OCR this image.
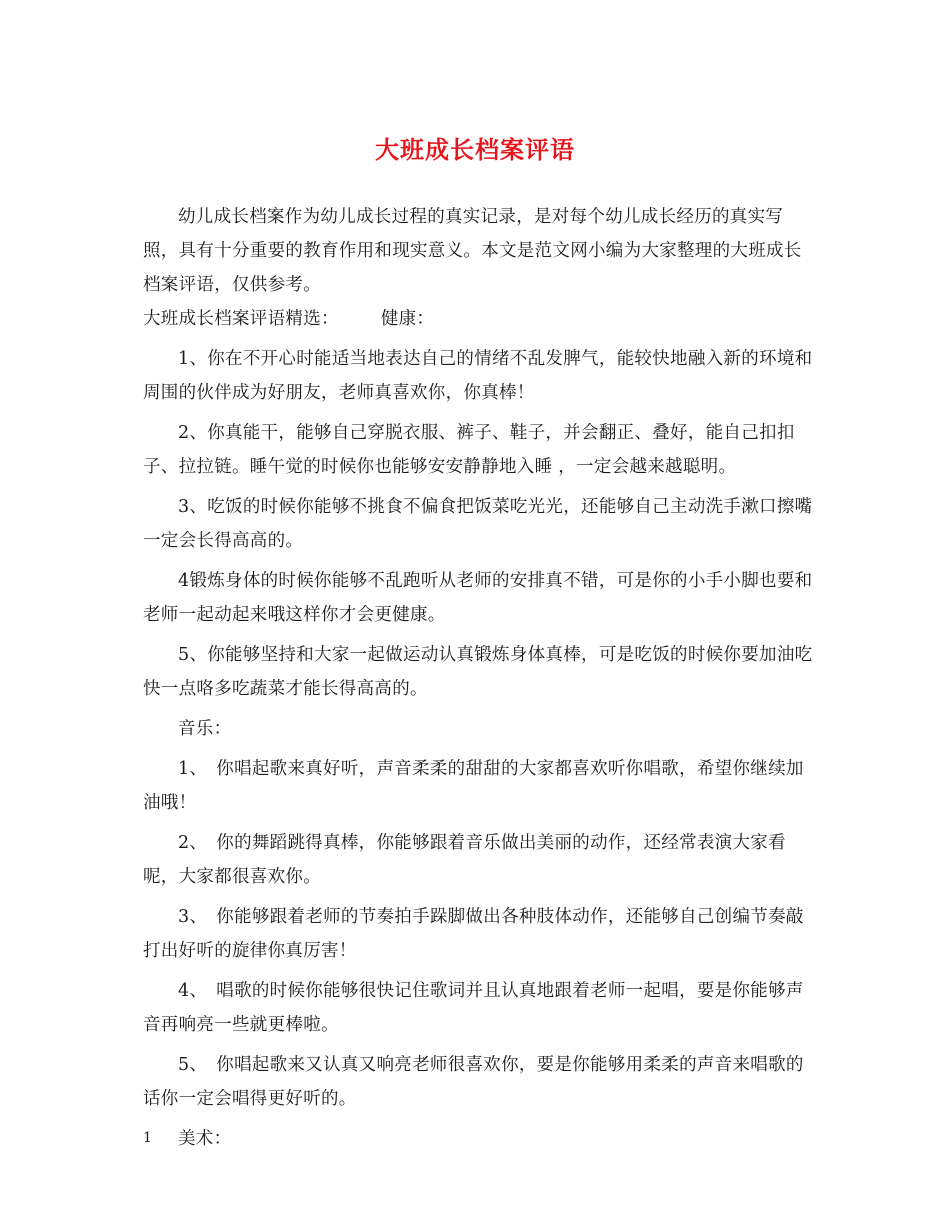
大班成长档案评语

幼儿成长档案作为幼儿成长过程的真实记录，是对每个幼儿成长经历的真实写照，具有十分重要的教育作用和现实意义。本文是范文网小编为大家整理的大班成长档案评语，仅供参考。

大班成长档案评语精选： 健康：

1、你在不开心时能适当地表达自己的情绪不乱发脾气，能较快地融入新的环境和周围的伙伴成为好朋友，老师真喜欢你，你真棒！

2、你真能干，能够自己穿脱衣服、裤子、鞋子，并会翻正、叠好，能自己扣扣子、拉拉链。睡午觉的时候你也能够安安静静地入睡 ，一定会越来越聪明。

3、吃饭的时候你能够不挑食不偏食把饭菜吃光光，还能够自己主动洗手漱口擦嘴一定会长得高高的。

4锻炼身体的时候你能够不乱跑听从老师的安排真不错，可是你的小手小脚也要和老师一起动起来哦这样你才会更健康。

5、你能够坚持和大家一起做运动认真锻炼身体真棒，可是吃饭的时候你要加油吃快一点咯多吃蔬菜才能长得高高的。

音乐：

1、　你唱起歌来真好听，声音柔柔的甜甜的大家都喜欢听你唱歌，希望你继续加油哦！

2、　你的舞蹈跳得真棒，你能够跟着音乐做出美丽的动作，还经常表演大家看呢，大家都很喜欢你。

3、　你能够跟着老师的节奏拍手跺脚做出各种肢体动作，还能够自己创编节奏敲打出好听的旋律你真厉害！

4、　唱歌的时候你能够很快记住歌词并且认真地跟着老师一起唱，要是你能够声音再响亮一些就更棒啦。

5、　你唱起歌来又认真又响亮老师很喜欢你，要是你能够用柔柔的声音来唱歌的话你一定会唱得更好听的。

美术：

1
